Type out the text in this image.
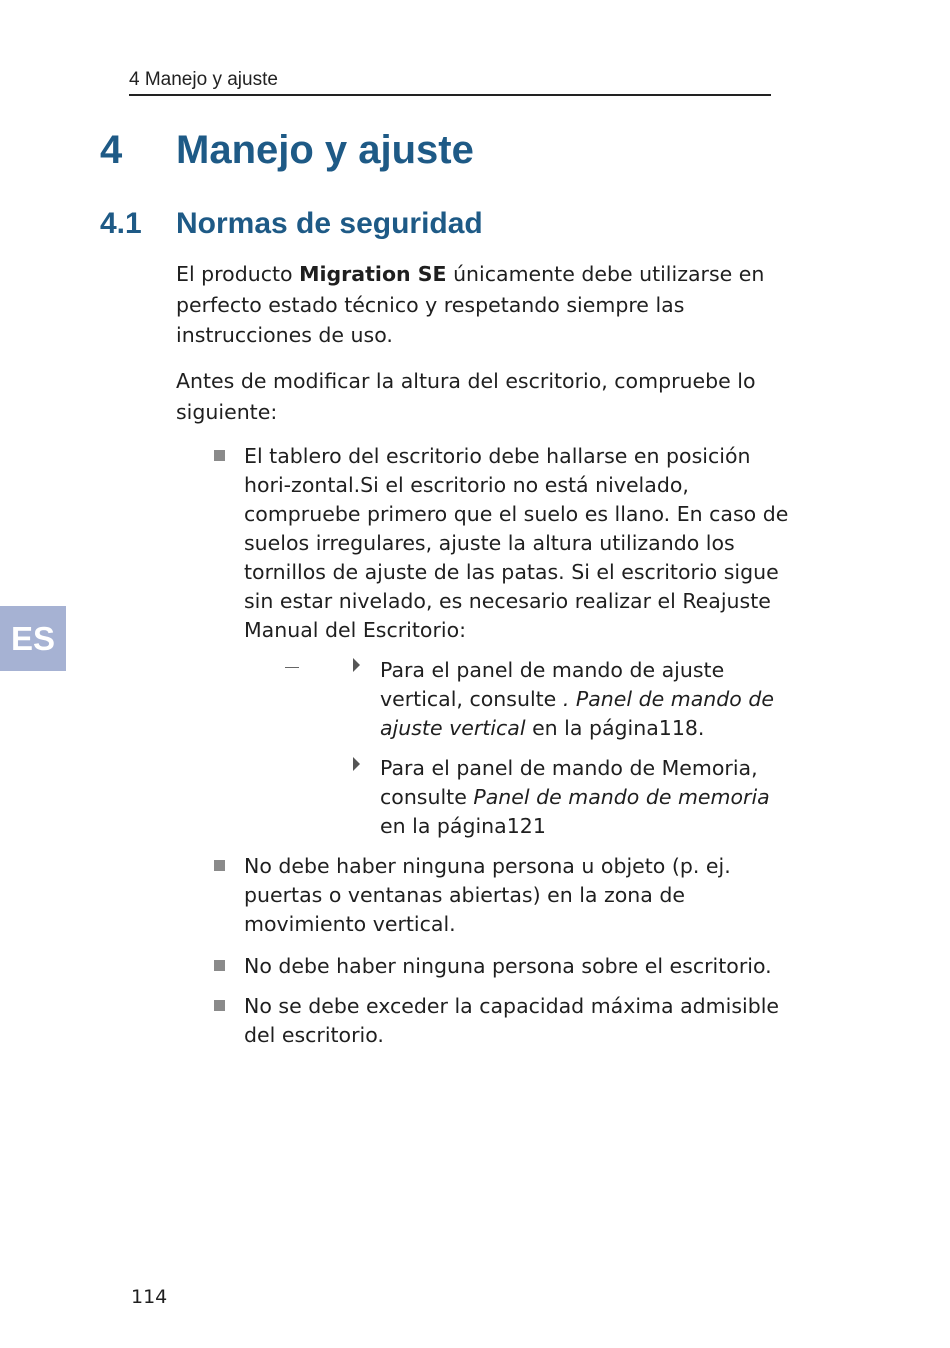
4 Manejo y ajuste
4 Manejo y ajuste
4.1 Normas de seguridad

El producto Migration SE únicamente debe utilizarse en perfecto estado técnico y respetando siempre las instrucciones de uso.

Antes de modificar la altura del escritorio, compruebe lo siguiente:

El tablero del escritorio debe hallarse en posición hori-zontal.Si el escritorio no está nivelado, compruebe primero que el suelo es llano. En caso de suelos irregulares, ajuste la altura utilizando los tornillos de ajuste de las patas. Si el escritorio sigue sin estar nivelado, es necesario realizar el Reajuste Manual del Escritorio:
Para el panel de mando de ajuste vertical, consulte . Panel de mando de ajuste vertical en la página118.
Para el panel de mando de Memoria, consulte Panel de mando de memoria en la página121
No debe haber ninguna persona u objeto (p. ej. puertas o ventanas abiertas) en la zona de movimiento vertical.
No debe haber ninguna persona sobre el escritorio.
No se debe exceder la capacidad máxima admisible del escritorio.
ES
114
